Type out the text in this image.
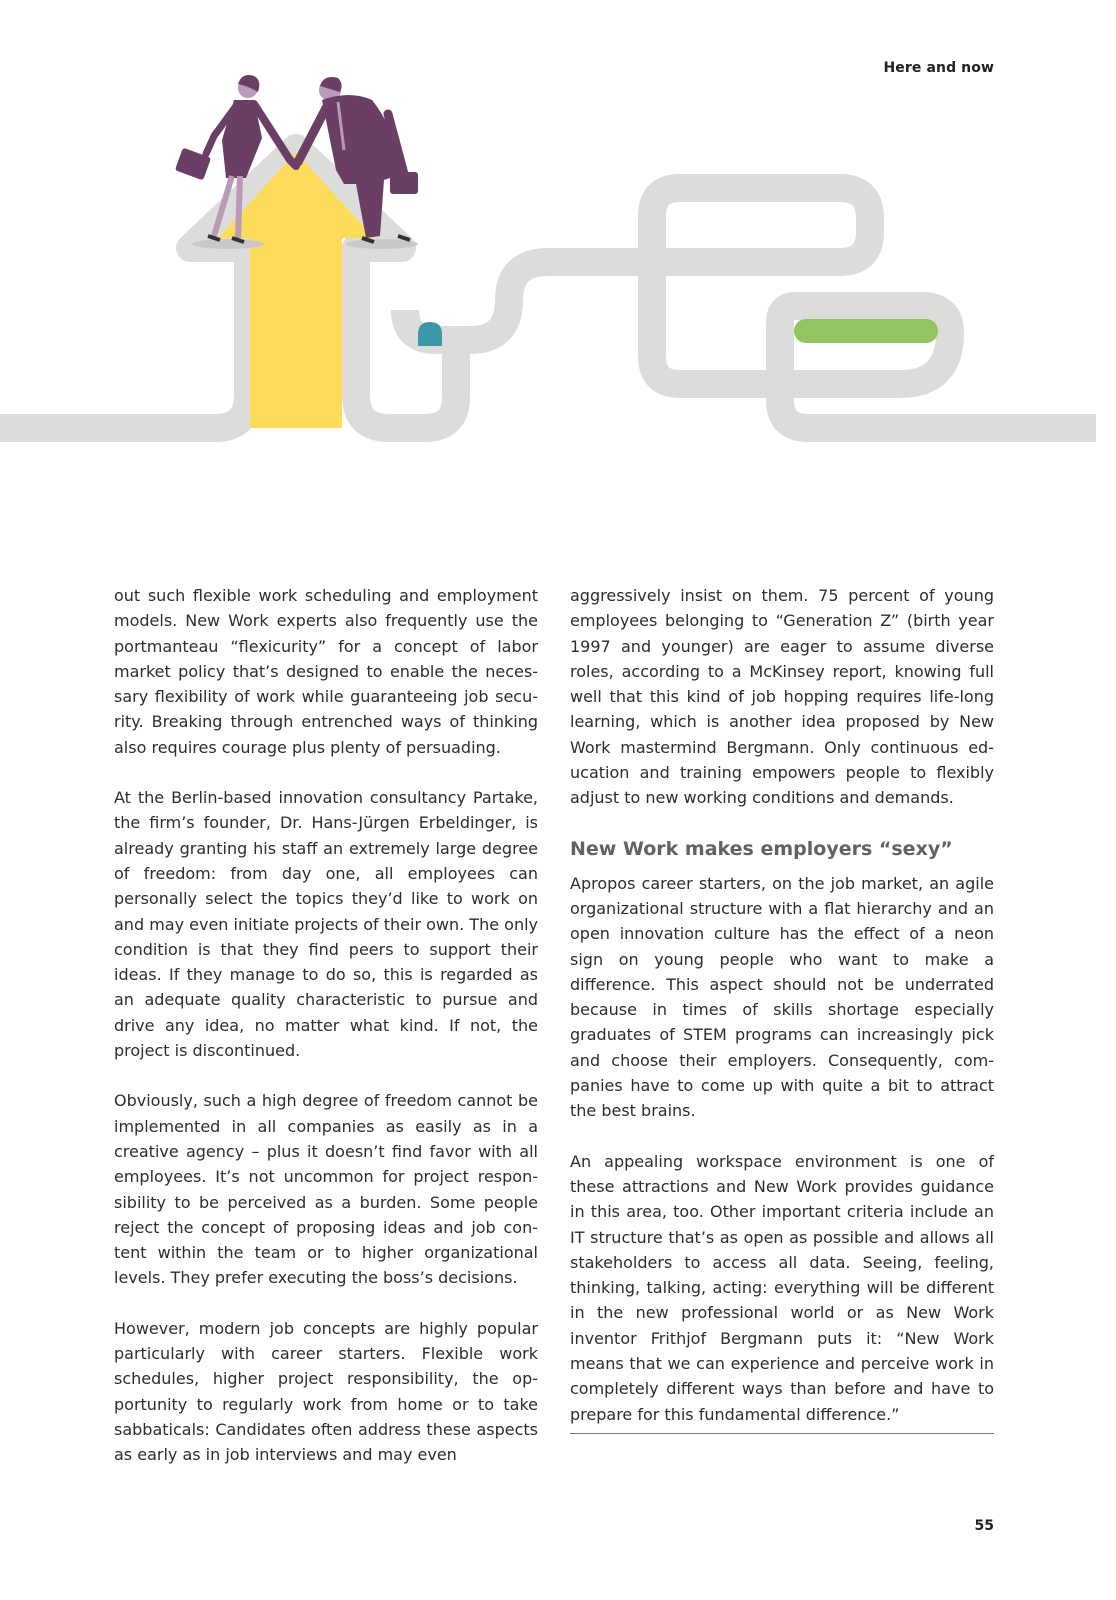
Here and now

out such flexible work scheduling and employment models. New Work experts also frequently use the portmanteau “flexicurity” for a concept of labor market policy that’s designed to enable the necessary flexibility of work while guaranteeing job security. Breaking through entrenched ways of thinking also requires courage plus plenty of persuading.

At the Berlin-based innovation consultancy Partake, the firm’s founder, Dr. Hans-Jürgen Erbeldinger, is already granting his staff an extremely large degree of freedom: from day one, all employees can personally select the topics they’d like to work on and may even initiate projects of their own. The only condition is that they find peers to support their ideas. If they manage to do so, this is regarded as an adequate quality characteristic to pursue and drive any idea, no matter what kind. If not, the project is discontinued.

Obviously, such a high degree of freedom cannot be implemented in all companies as easily as in a creative agency – plus it doesn’t find favor with all employees. It’s not uncommon for project responsibility to be perceived as a burden. Some people reject the concept of proposing ideas and job content within the team or to higher organizational levels. They prefer executing the boss’s decisions.

However, modern job concepts are highly popular particularly with career starters. Flexible work schedules, higher project responsibility, the opportunity to regularly work from home or to take sabbaticals: Candidates often address these aspects as early as in job interviews and may even

aggressively insist on them. 75 percent of young employees belonging to “Generation Z” (birth year 1997 and younger) are eager to assume diverse roles, according to a McKinsey report, knowing full well that this kind of job hopping requires life-long learning, which is another idea proposed by New Work mastermind Bergmann. Only continuous education and training empowers people to flexibly adjust to new working conditions and demands.

New Work makes employers “sexy”

Apropos career starters, on the job market, an agile organizational structure with a flat hierarchy and an open innovation culture has the effect of a neon sign on young people who want to make a difference. This aspect should not be underrated because in times of skills shortage especially graduates of STEM programs can increasingly pick and choose their employers. Consequently, companies have to come up with quite a bit to attract the best brains.

An appealing workspace environment is one of these attractions and New Work provides guidance in this area, too. Other important criteria include an IT structure that’s as open as possible and allows all stakeholders to access all data. Seeing, feeling, thinking, talking, acting: everything will be different in the new professional world or as New Work inventor Frithjof Bergmann puts it: “New Work means that we can experience and perceive work in completely different ways than before and have to prepare for this fundamental difference.”

55
